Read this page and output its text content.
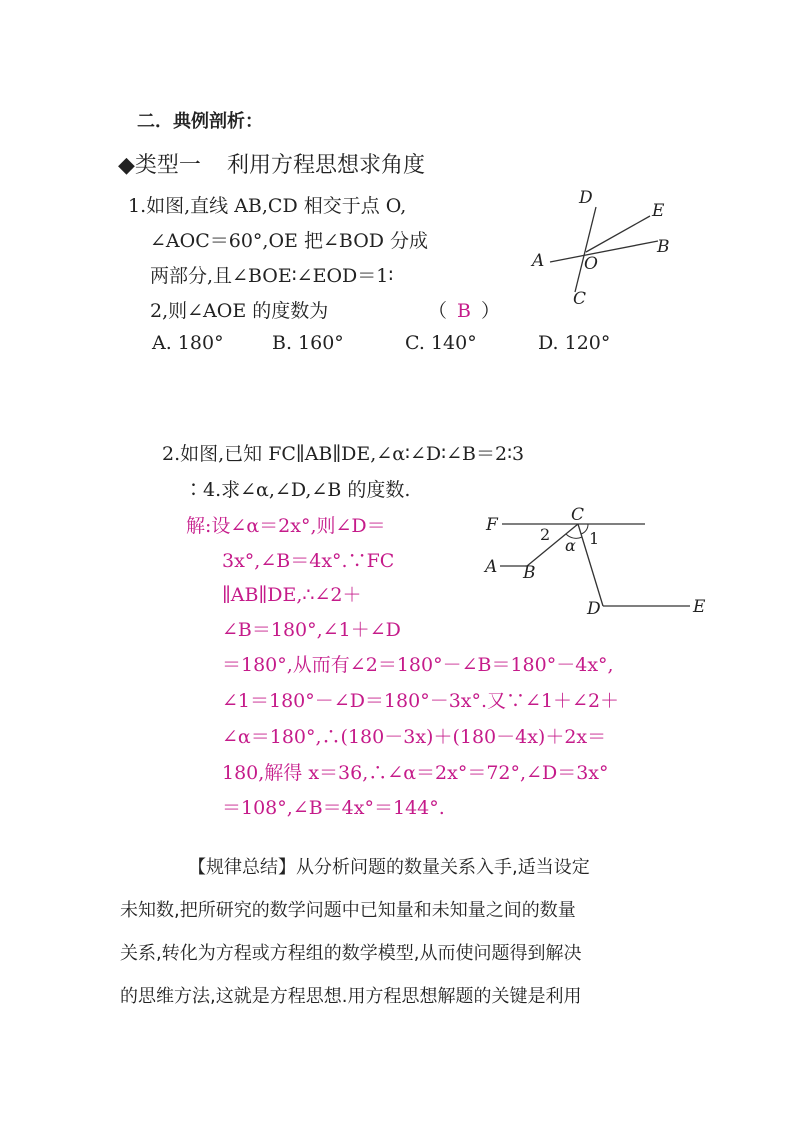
二．典例剖析：
◆类型一 利用方程思想求角度
1.如图,直线 AB,CD 相交于点 O,
∠AOC＝60°,OE 把∠BOD 分成
两部分,且∠BOE∶∠EOD＝1∶
2,则∠AOE 的度数为	（ B ）
A. 180°	B. 160°	C. 140°	D. 120°
D
E
B
A O
C
2.如图,已知 FC∥AB∥DE,∠α∶∠D∶∠B＝2∶3
∶4.求∠α,∠D,∠B 的度数.
解:设∠α＝2x°,则∠D＝
3x°,∠B＝4x°.∵FC
∥AB∥DE,∴∠2＋
∠B＝180°,∠1＋∠D
＝180°,从而有∠2＝180°－∠B＝180°－4x°,
∠1＝180°－∠D＝180°－3x°.又∵∠1＋∠2＋
∠α＝180°,∴(180－3x)＋(180－4x)＋2x＝
180,解得 x＝36,∴∠α＝2x°＝72°,∠D＝3x°
＝108°,∠B＝4x°＝144°.
F	C
2 1
α
A B
D	E
【规律总结】从分析问题的数量关系入手,适当设定
未知数,把所研究的数学问题中已知量和未知量之间的数量
关系,转化为方程或方程组的数学模型,从而使问题得到解决
的思维方法,这就是方程思想.用方程思想解题的关键是利用
